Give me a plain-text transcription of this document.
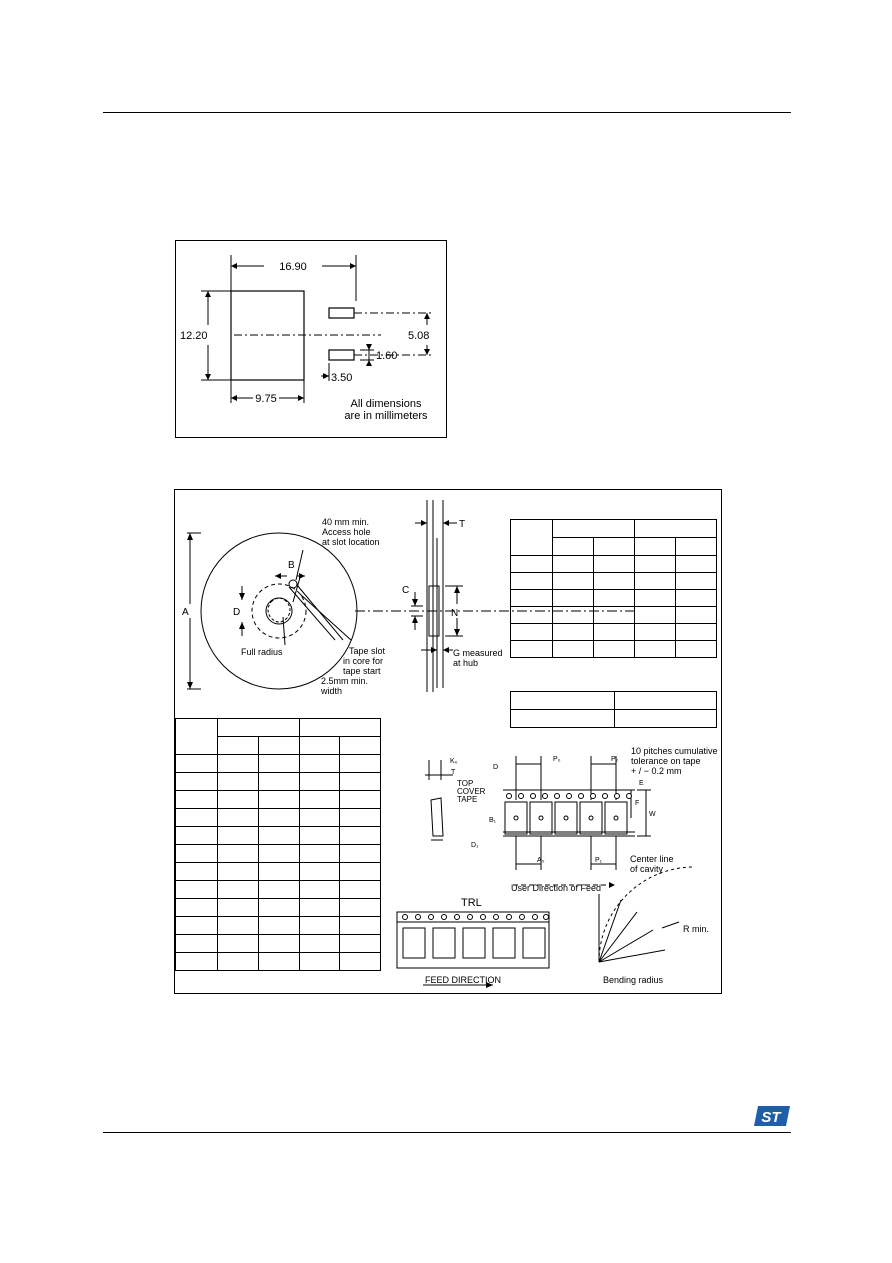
16.90
12.20	5.08
1.60
3.50
9.75	All dimensions
are in millimeters
A
B
C
D
T
N
40 mm min.
Access hole
at slot location
Full radius	Tape slot
in core for
tape start
2.5mm min.
width
G measured
at hub
K₀
T
TOP
COVER
TAPE
B₁
D₁
D
P₀	P₂
A₀	P₁
E
F
W
10 pitches cumulative
tolerance on tape
+ / − 0.2 mm
Center line
of cavity
User Direction of Feed
TRL
FEED DIRECTION
R min.
Bending radius

ST
